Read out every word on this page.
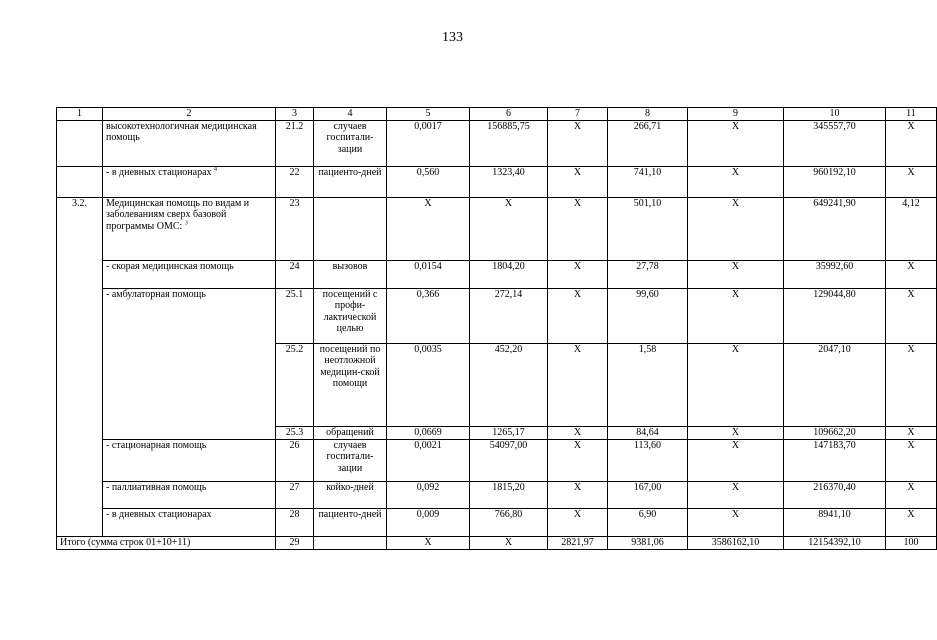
133
1	2	3	4	5	6	7	8	9	10	11
	высокотехнологичная медицинская помощь	21.2	случаев госпитали-зации	0,0017	156885,75	X	266,71	X	345557,70	X
	- в дневных стационарах $^4$	22	пациенто-дней	0,560	1323,40	X	741,10	X	960192,10	X
3.2.	Медицинская помощь по видам и заболеваниям сверх базовой программы ОМС: $^3$	23		X	X	X	501,10	X	649241,90	4,12
	- скорая медицинская помощь	24	вызовов	0,0154	1804,20	X	27,78	X	35992,60	X
	- амбулаторная помощь	25.1	посещений с профи-лактической целью	0,366	272,14	X	99,60	X	129044,80	X
		25.2	посещений по неотложной медицин-ской помощи	0,0035	452,20	X	1,58	X	2047,10	X
		25.3	обращений	0,0669	1265,17	X	84,64	X	109662,20	X
	- стационарная помощь	26	случаев госпитали-зации	0,0021	54097,00	X	113,60	X	147183,70	X
	- паллиативная помощь	27	койко-дней	0,092	1815,20	X	167,00	X	216370,40	X
	- в дневных стационарах	28	пациенто-дней	0,009	766,80	X	6,90	X	8941,10	X
Итого (сумма строк 01+10+11)		29		X	X	2821,97	9381,06	3586162,10	12154392,10	100
